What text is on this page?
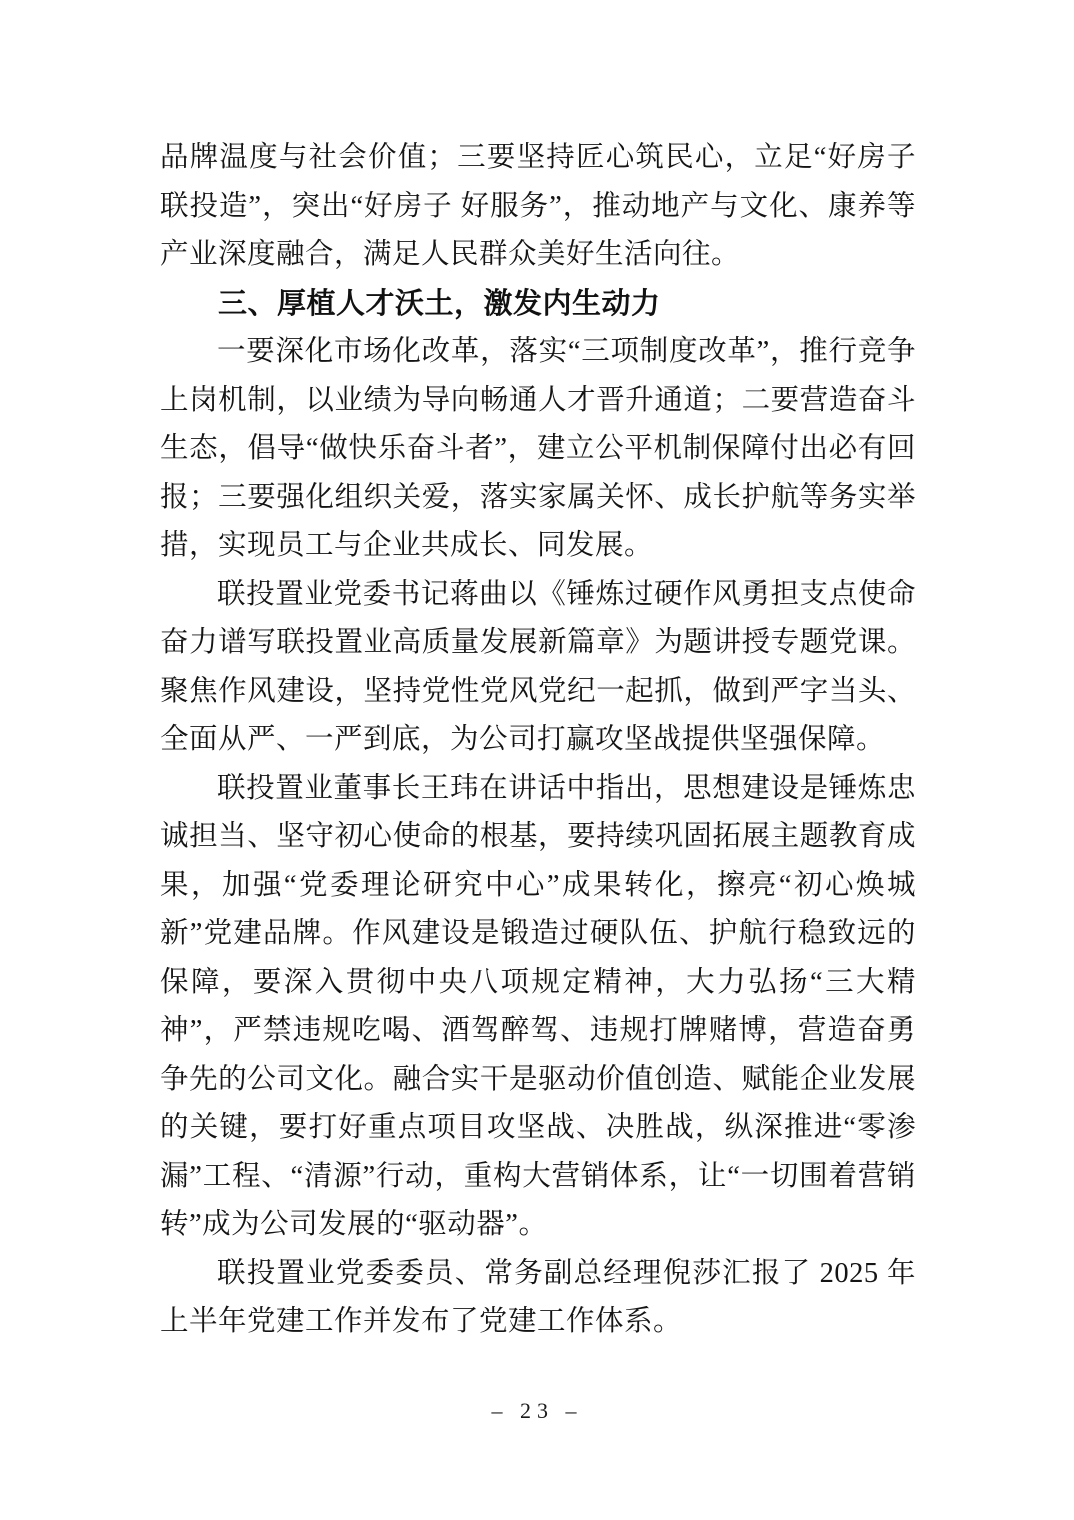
品牌温度与社会价值；三要坚持匠心筑民心，立足“好房子联投造”，突出“好房子 好服务”，推动地产与文化、康养等产业深度融合，满足人民群众美好生活向往。

三、厚植人才沃土，激发内生动力

一要深化市场化改革，落实“三项制度改革”，推行竞争上岗机制，以业绩为导向畅通人才晋升通道；二要营造奋斗生态，倡导“做快乐奋斗者”，建立公平机制保障付出必有回报；三要强化组织关爱，落实家属关怀、成长护航等务实举措，实现员工与企业共成长、同发展。

联投置业党委书记蒋曲以《锤炼过硬作风勇担支点使命 奋力谱写联投置业高质量发展新篇章》为题讲授专题党课。聚焦作风建设，坚持党性党风党纪一起抓，做到严字当头、全面从严、一严到底，为公司打赢攻坚战提供坚强保障。

联投置业董事长王玮在讲话中指出，思想建设是锤炼忠诚担当、坚守初心使命的根基，要持续巩固拓展主题教育成果，加强“党委理论研究中心”成果转化，擦亮“初心焕城新”党建品牌。作风建设是锻造过硬队伍、护航行稳致远的保障，要深入贯彻中央八项规定精神，大力弘扬“三大精神”，严禁违规吃喝、酒驾醉驾、违规打牌赌博，营造奋勇争先的公司文化。融合实干是驱动价值创造、赋能企业发展的关键，要打好重点项目攻坚战、决胜战，纵深推进“零渗漏”工程、“清源”行动，重构大营销体系，让“一切围着营销转”成为公司发展的“驱动器”。

联投置业党委委员、常务副总经理倪莎汇报了 2025 年上半年党建工作并发布了党建工作体系。

– 23 –
